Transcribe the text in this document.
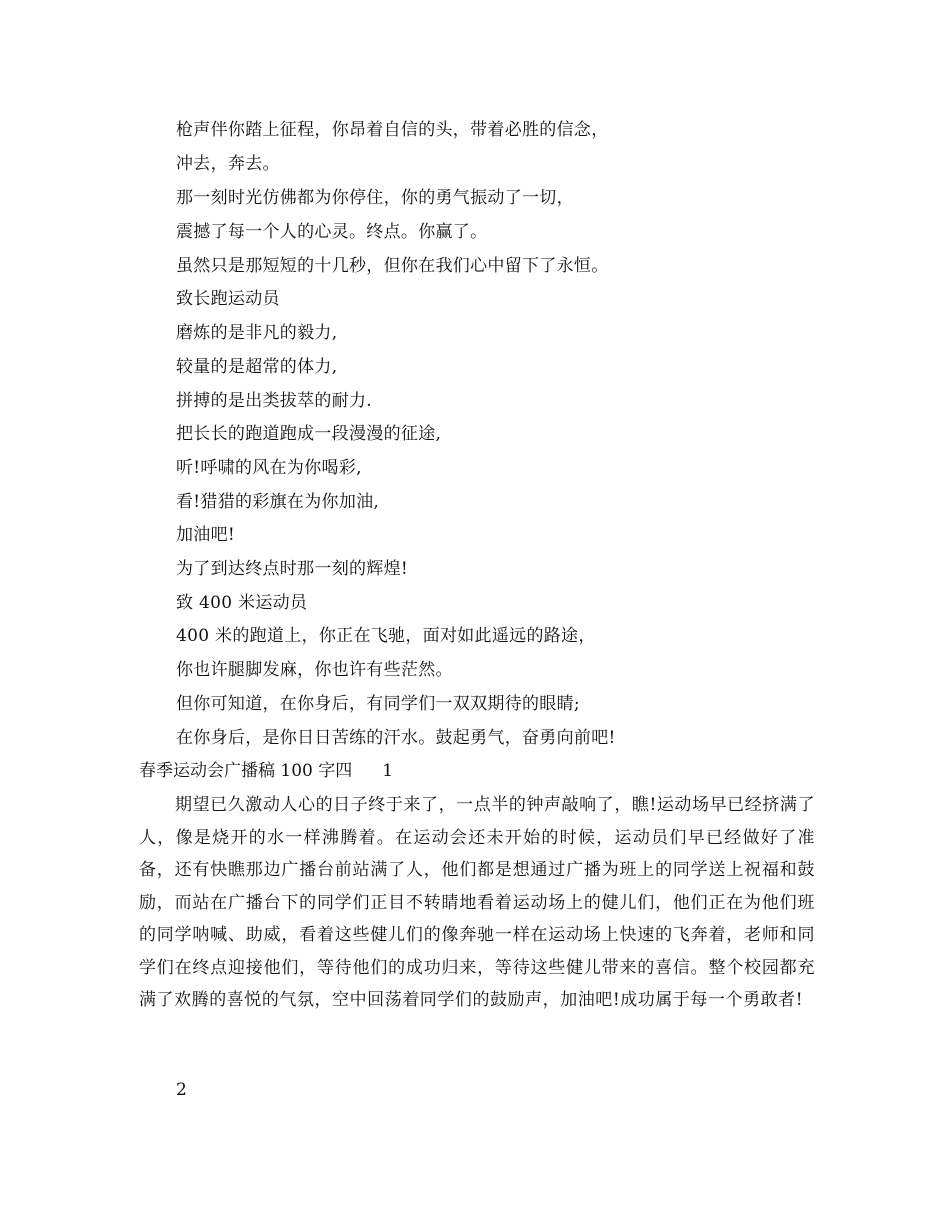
枪声伴你踏上征程，你昂着自信的头，带着必胜的信念，
冲去，奔去。
那一刻时光仿佛都为你停住，你的勇气振动了一切，
震撼了每一个人的心灵。终点。你赢了。
虽然只是那短短的十几秒，但你在我们心中留下了永恒。
致长跑运动员
磨炼的是非凡的毅力,
较量的是超常的体力,
拼搏的是出类拔萃的耐力.
把长长的跑道跑成一段漫漫的征途,
听!呼啸的风在为你喝彩,
看!猎猎的彩旗在为你加油,
加油吧!
为了到达终点时那一刻的辉煌!
致 400 米运动员
400 米的跑道上，你正在飞驰，面对如此遥远的路途，
你也许腿脚发麻，你也许有些茫然。
但你可知道，在你身后，有同学们一双双期待的眼睛;
在你身后，是你日日苦练的汗水。鼓起勇气，奋勇向前吧!
春季运动会广播稿 100 字四 1
期望已久激动人心的日子终于来了，一点半的钟声敲响了，瞧!运动场早已经挤满了人，像是烧开的水一样沸腾着。在运动会还未开始的时候，运动员们早已经做好了准备，还有快瞧那边广播台前站满了人，他们都是想通过广播为班上的同学送上祝福和鼓励，而站在广播台下的同学们正目不转睛地看着运动场上的健儿们，他们正在为他们班的同学呐喊、助威，看着这些健儿们的像奔驰一样在运动场上快速的飞奔着，老师和同学们在终点迎接他们，等待他们的成功归来，等待这些健儿带来的喜信。整个校园都充满了欢腾的喜悦的气氛，空中回荡着同学们的鼓励声，加油吧!成功属于每一个勇敢者!
2
